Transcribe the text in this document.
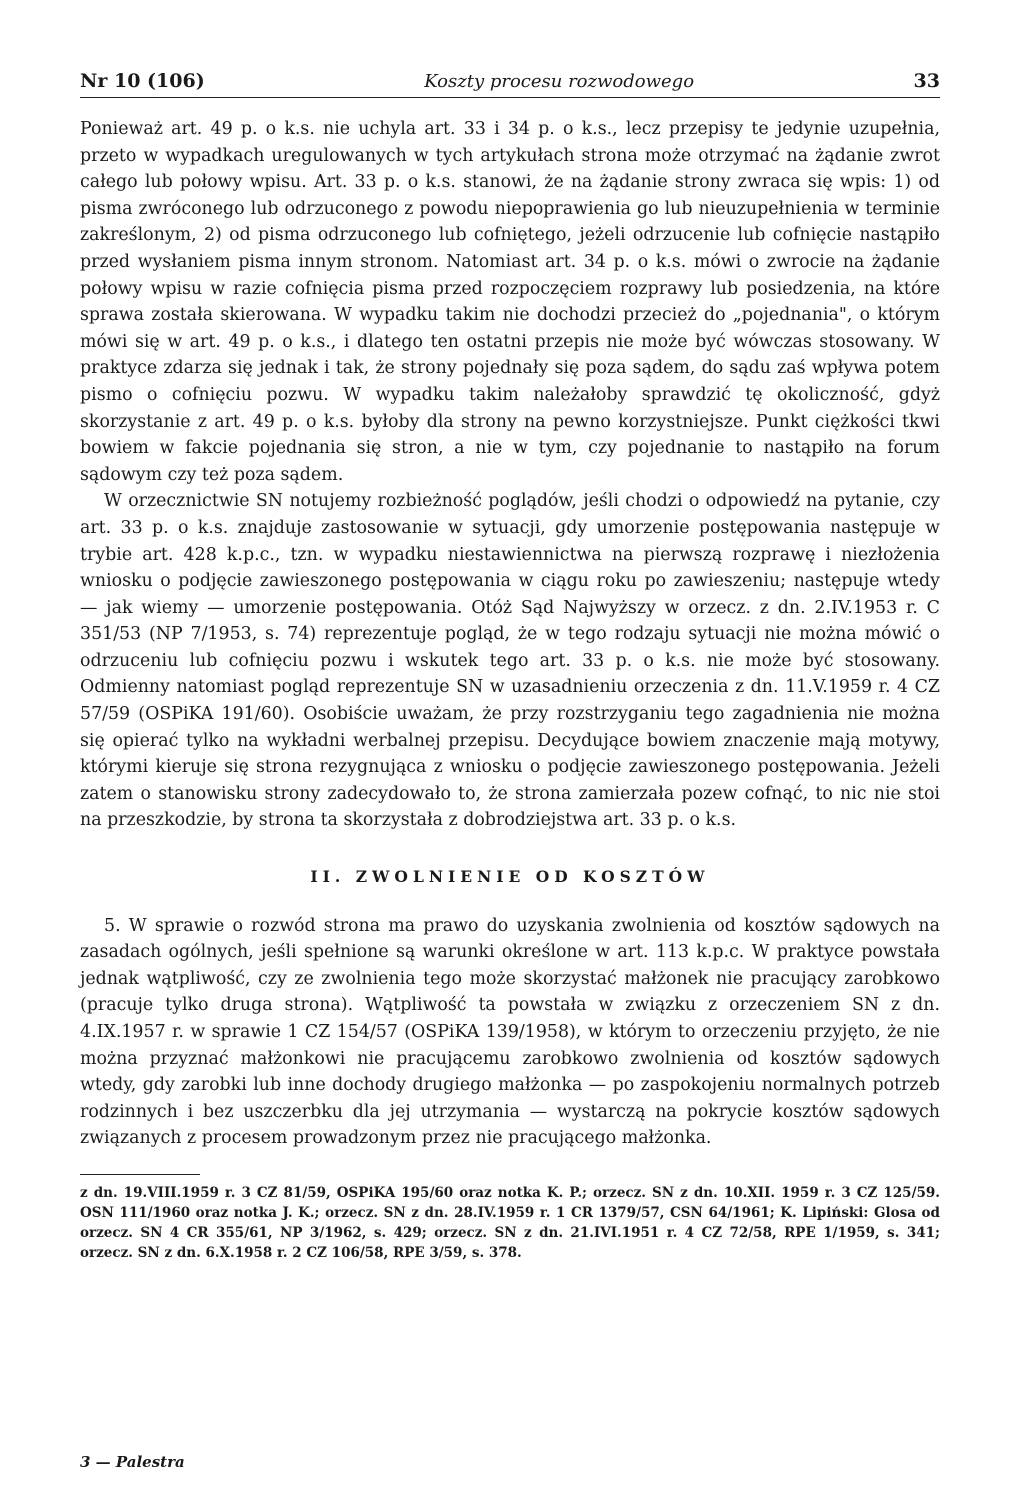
Nr 10 (106)	Koszty procesu rozwodowego	33

Ponieważ art. 49 p. o k.s. nie uchyla art. 33 i 34 p. o k.s., lecz przepisy te jedynie uzupełnia, przeto w wypadkach uregulowanych w tych artykułach strona może otrzymać na żądanie zwrot całego lub połowy wpisu. Art. 33 p. o k.s. stanowi, że na żądanie strony zwraca się wpis: 1) od pisma zwróconego lub odrzuconego z powodu niepoprawienia go lub nieuzupełnienia w terminie zakreślonym, 2) od pisma odrzuconego lub cofniętego, jeżeli odrzucenie lub cofnięcie nastąpiło przed wysłaniem pisma innym stronom. Natomiast art. 34 p. o k.s. mówi o zwrocie na żądanie połowy wpisu w razie cofnięcia pisma przed rozpoczęciem rozprawy lub posiedzenia, na które sprawa została skierowana. W wypadku takim nie dochodzi przecież do „pojednania", o którym mówi się w art. 49 p. o k.s., i dlatego ten ostatni przepis nie może być wówczas stosowany. W praktyce zdarza się jednak i tak, że strony pojednały się poza sądem, do sądu zaś wpływa potem pismo o cofnięciu pozwu. W wypadku takim należałoby sprawdzić tę okoliczność, gdyż skorzystanie z art. 49 p. o k.s. byłoby dla strony na pewno korzystniejsze. Punkt ciężkości tkwi bowiem w fakcie pojednania się stron, a nie w tym, czy pojednanie to nastąpiło na forum sądowym czy też poza sądem.

W orzecznictwie SN notujemy rozbieżność poglądów, jeśli chodzi o odpowiedź na pytanie, czy art. 33 p. o k.s. znajduje zastosowanie w sytuacji, gdy umorzenie postępowania następuje w trybie art. 428 k.p.c., tzn. w wypadku niestawiennictwa na pierwszą rozprawę i niezłożenia wniosku o podjęcie zawieszonego postępowania w ciągu roku po zawieszeniu; następuje wtedy — jak wiemy — umorzenie postępowania. Otóż Sąd Najwyższy w orzecz. z dn. 2.IV.1953 r. C 351/53 (NP 7/1953, s. 74) reprezentuje pogląd, że w tego rodzaju sytuacji nie można mówić o odrzuceniu lub cofnięciu pozwu i wskutek tego art. 33 p. o k.s. nie może być stosowany. Odmienny natomiast pogląd reprezentuje SN w uzasadnieniu orzeczenia z dn. 11.V.1959 r. 4 CZ 57/59 (OSPiKA 191/60). Osobiście uważam, że przy rozstrzyganiu tego zagadnienia nie można się opierać tylko na wykładni werbalnej przepisu. Decydujące bowiem znaczenie mają motywy, którymi kieruje się strona rezygnująca z wniosku o podjęcie zawieszonego postępowania. Jeżeli zatem o stanowisku strony zadecydowało to, że strona zamierzała pozew cofnąć, to nic nie stoi na przeszkodzie, by strona ta skorzystała z dobrodziejstwa art. 33 p. o k.s.

II. ZWOLNIENIE OD KOSZTÓW

5. W sprawie o rozwód strona ma prawo do uzyskania zwolnienia od kosztów sądowych na zasadach ogólnych, jeśli spełnione są warunki określone w art. 113 k.p.c. W praktyce powstała jednak wątpliwość, czy ze zwolnienia tego może skorzystać małżonek nie pracujący zarobkowo (pracuje tylko druga strona). Wątpliwość ta powstała w związku z orzeczeniem SN z dn. 4.IX.1957 r. w sprawie 1 CZ 154/57 (OSPiKA 139/1958), w którym to orzeczeniu przyjęto, że nie można przyznać małżonkowi nie pracującemu zarobkowo zwolnienia od kosztów sądowych wtedy, gdy zarobki lub inne dochody drugiego małżonka — po zaspokojeniu normalnych potrzeb rodzinnych i bez uszczerbku dla jej utrzymania — wystarczą na pokrycie kosztów sądowych związanych z procesem prowadzonym przez nie pracującego małżonka.

z dn. 19.VIII.1959 r. 3 CZ 81/59, OSPiKA 195/60 oraz notka K. P.; orzecz. SN z dn. 10.XII. 1959 r. 3 CZ 125/59. OSN 111/1960 oraz notka J. K.; orzecz. SN z dn. 28.IV.1959 r. 1 CR 1379/57, CSN 64/1961; K. Lipiński: Glosa od orzecz. SN 4 CR 355/61, NP 3/1962, s. 429; orzecz. SN z dn. 21.IVI.1951 r. 4 CZ 72/58, RPE 1/1959, s. 341; orzecz. SN z dn. 6.X.1958 r. 2 CZ 106/58, RPE 3/59, s. 378.
3 — Palestra
